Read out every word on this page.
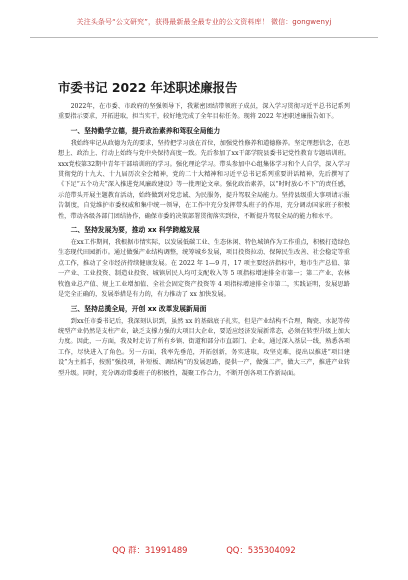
关注头条号“公文研究”，获得最新最全最专业的公文资料库！ 微信：gongwenyj
市委书记 2022 年述职述廉报告

2022年，在市委、市政府的坚强领导下，我紧密团结带领班子成员，深入学习贯彻习近平总书记系列重要指示要求，开拓进取，担当实干，较好地完成了全年目标任务。现将 2022 年述职述廉报告如下。

一、坚持勤学立德，提升政治素养和驾驭全局能力

我始终牢记从政德为先的要求，坚持把学习放在首位，加强党性修养和道德修养。坚定理想信念，在思想上、政治上、行动上始终与党中央保持高度一致。先后参加了xx干部学院县委书记党性教育专题培训班。xxx党校第32期中青年干部培训班的学习。强化理论学习。带头参加中心组集体学习和个人自学，深入学习贯彻党的十九大、十九届历次全会精神，党的二十大精神和习近平总书记系列重要讲话精神，先后撰写了《下足“五个功夫”深入推进党风廉政建设》等一批理论文章。强化政治素养，以“时时放心不下”的责任感，示范带头开展主题教育活动，始终做到对党忠诚、为民服务，提升驾驭全局能力。坚持县级重大事项请示报告制度，自觉维护市委权威和集中统一领导，在工作中充分发挥带头班子的作用，充分调动国家班子积极性，带动各级各部门团结协作，确保市委的决策部署贯彻落实到位，不断提升驾驭全局的能力和水平。

二、坚持发展为要，推动 xx 科学跨越发展

在xx工作期间，我根据市情实际，以发展低碳工业、生态休闲、特色城镇作为工作重点，积极打造绿色生态现代田园新市。通过做强产业结构调整，统筹城乡发展，项目投资拉动、保障民生改善、社会稳定等重点工作，推动了全市经济持续健康发展。在 2022 年 1—9 月，17 项主要经济指标中，地市生产总值、第一产业、工业投资、制造业投资、城镇居民人均可支配收入等 5 项指标增速排全市第一；第二产业、农林牧渔业总产值、规上工业增加值、全社会固定资产投资等 4 项指标增速排全市第二，实践证明，发展思路是完全正确的，发展举措是有力的，有力推动了 xx 加快发展。

三、坚持总揽全局，开创 xx 改革发展新局面

到xx任市委书记后，我深刻认识到，虽然 xx 的基础底子扎实，但是产业结构不合理，陶瓷、水泥等传统型产业仍然是支柱产业，缺乏支撑力强的大项目大企业，要适应经济发展新常态，必须在转型升级上加大力度。因此，一方面，我及时走访了所有乡镇、街道和部分市直部门、企业，通过深入基层一线，熟悉各项工作，尽快进入了角色。另一方面，我率先垂范，开拓创新，务实进取，攻坚克难，提出以推进“项目建设”为主抓手，按照“强投项，补短板、调结构”的发展思路，提供一产，做强二产，做大三产，推进产业转型升级。同时，充分调动常委班子的积极性，凝聚工作合力，不断开创各项工作新局面。

QQ 群：31991489	QQ：535304092
